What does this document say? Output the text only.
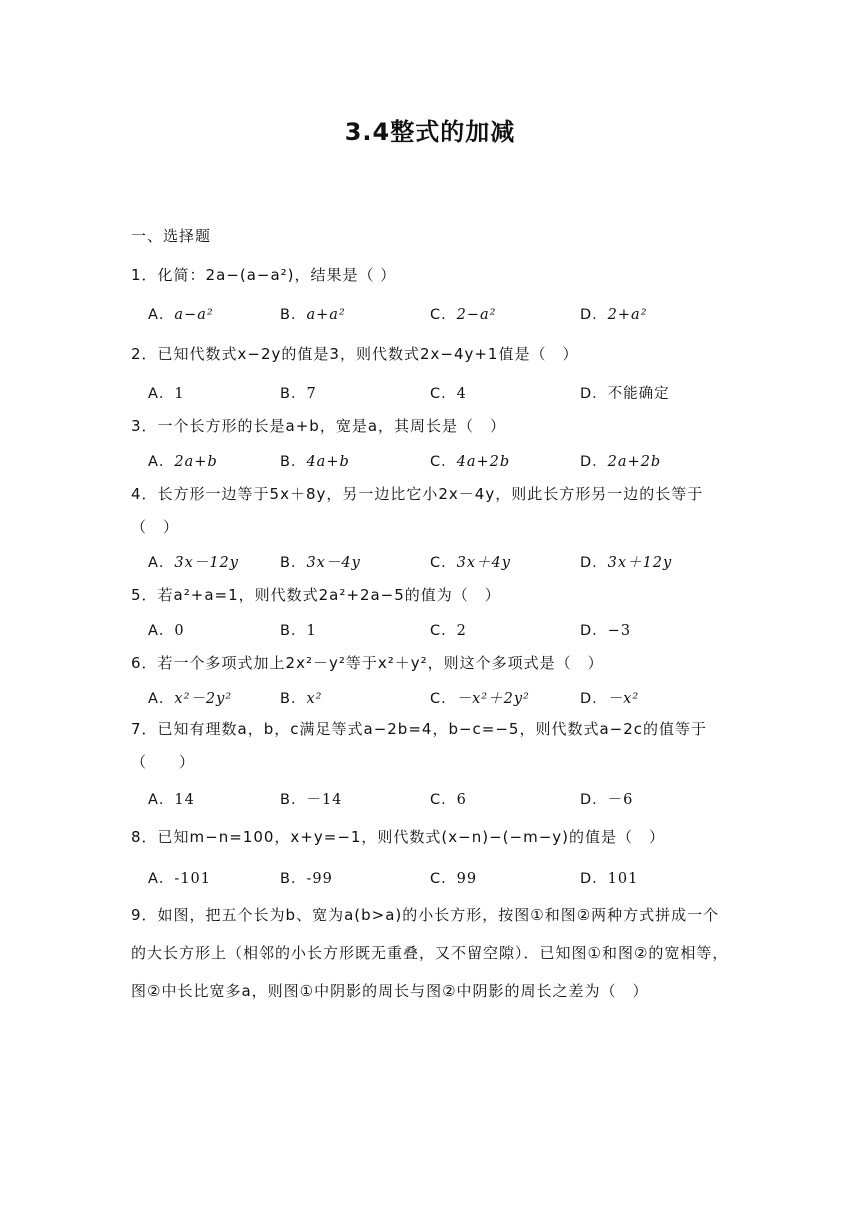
3.4整式的加减
一、选择题
1．化简：2a−(a−a²)，结果是（ ）
A．a−a²	B．a+a²	C．2−a²	D．2+a²
2．已知代数式x−2y的值是3，则代数式2x−4y+1值是（　）
A．1	B．7	C．4	D．不能确定
3．一个长方形的长是a+b，宽是a，其周长是（　）
A．2a+b	B．4a+b	C．4a+2b	D．2a+2b
4．长方形一边等于5x＋8y，另一边比它小2x－4y，则此长方形另一边的长等于（　）
A．3x－12y	B．3x－4y	C．3x＋4y	D．3x＋12y
5．若a²+a=1，则代数式2a²+2a−5的值为（　）
A．0	B．1	C．2	D．−3
6．若一个多项式加上2x²－y²等于x²＋y²，则这个多项式是（　）
A．x²－2y²	B．x²	C．－x²＋2y²	D．－x²
7．已知有理数a，b，c满足等式a−2b=4，b−c=−5，则代数式a−2c的值等于（　　）
A．14	B．－14	C．6	D．－6
8．已知m−n=100，x+y=−1，则代数式(x−n)−(−m−y)的值是（　）
A．-101	B．-99	C．99	D．101
9．如图，把五个长为b、宽为a(b>a)的小长方形，按图①和图②两种方式拼成一个的大长方形上（相邻的小长方形既无重叠，又不留空隙）．已知图①和图②的宽相等，图②中长比宽多a，则图①中阴影的周长与图②中阴影的周长之差为（　）
